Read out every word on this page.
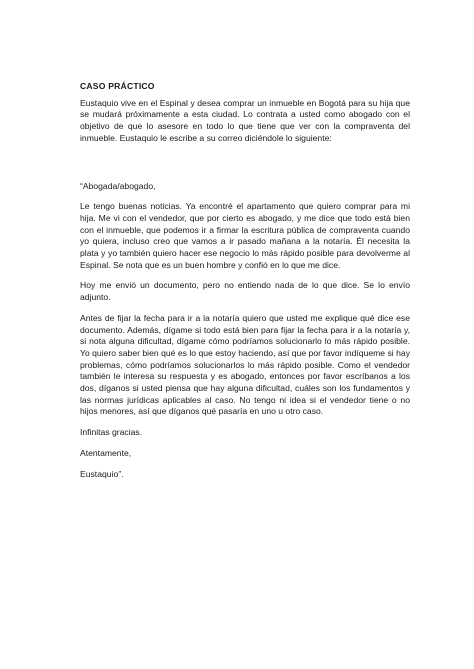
CASO PRÁCTICO

Eustaquio vive en el Espinal y desea comprar un inmueble en Bogotá para su hija que se mudará próximamente a esta ciudad. Lo contrata a usted como abogado con el objetivo de que lo asesore en todo lo que tiene que ver con la compraventa del inmueble. Eustaquio le escribe a su correo diciéndole lo siguiente:

“Abogada/abogado,

Le tengo buenas noticias. Ya encontré el apartamento que quiero comprar para mi hija. Me vi con el vendedor, que por cierto es abogado, y me dice que todo está bien con el inmueble, que podemos ir a firmar la escritura pública de compraventa cuando yo quiera, incluso creo que vamos a ir pasado mañana a la notaría. Él necesita la plata y yo también quiero hacer ese negocio lo más rápido posible para devolverme al Espinal. Se nota que es un buen hombre y confió en lo que me dice.

Hoy me envió un documento, pero no entiendo nada de lo que dice. Se lo envío adjunto.

Antes de fijar la fecha para ir a la notaría quiero que usted me explique qué dice ese documento. Además, dígame si todo está bien para fijar la fecha para ir a la notaría y, si nota alguna dificultad, dígame cómo podríamos solucionarlo lo más rápido posible. Yo quiero saber bien qué es lo que estoy haciendo, así que por favor indíqueme si hay problemas, cómo podríamos solucionarlos lo más rápido posible. Como el vendedor también le interesa su respuesta y es abogado, entonces por favor escríbanos a los dos, díganos si usted piensa que hay alguna dificultad, cuáles son los fundamentos y las normas jurídicas aplicables al caso. No tengo ni idea si el vendedor tiene o no hijos menores, así que díganos qué pasaría en uno u otro caso.

Infinitas gracias.

Atentamente,

Eustaquio”.
